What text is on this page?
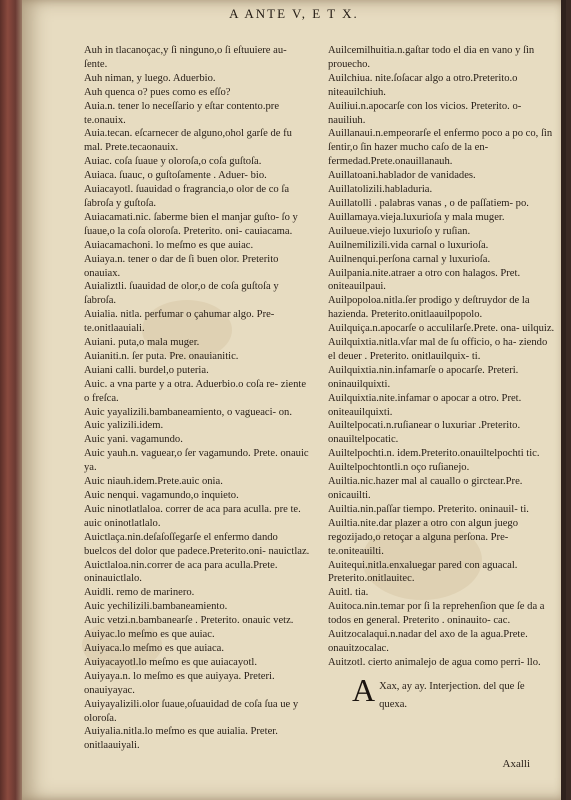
A ANTE V, E T X.

Auh in tlacanoçac,y ſi ninguno,o ſi eſtuuiere au- ſente.

Auh niman, y luego. Aduerbio.

Auh quenca o? pues como es eſſo?

Auia.n. tener lo neceſſario y eſtar contento.pre te.onauix.

Auia.tecan. eſcarnecer de alguno,ohol garſe de fu mal. Prete.tecaonauix.

Auiac. coſa ſuaue y oloroſa,o coſa guſtoſa.

Auiaca. ſuauc, o guſtoſamente . Aduer- bio.

Auiacayotl. ſuauidad o fragrancia,o olor de co ſa ſabroſa y guſtoſa.

Auiacamati.nic. ſaberme bien el manjar guſto- ſo y ſuaue,o la coſa oloroſa. Preterito. oni- cauiacama.

Auiacamachoni. lo meſmo es que auiac.

Auiaya.n. tener o dar de ſi buen olor. Preterito onauiax.

Auializtli. ſuauidad de olor,o de coſa guſtoſa y ſabroſa.

Auialia. nitla. perfumar o çahumar algo. Pre- te.onitlaauiali.

Auiani. puta,o mala muger.

Auianiti.n. ſer puta. Pre. onauianitic.

Auiani calli. burdel,o puteria.

Auic. a vna parte y a otra. Aduerbio.o coſa re- ziente o freſca.

Auic yayalizili.bambaneamiento, o vagueaci- on.

Auic yalizili.idem.

Auic yani. vagamundo.

Auic yauh.n. vaguear,o ſer vagamundo. Prete. onauic ya.

Auic niauh.idem.Prete.auic onia.

Auic nenqui. vagamundo,o inquieto.

Auic ninotlatlaloa. correr de aca para aculla. pre te. auic oninotlatlalo.

Auictlaça.nin.deſaſoſſegarſe el enfermo dando buelcos del dolor que padece.Preterito.oni- nauictlaz.

Auictlaloa.nin.correr de aca para aculla.Prete. oninauictlalo.

Auidli. remo de marinero.

Auic yechilizili.bambaneamiento.

Auic vetzi.n.bambanearſe . Preterito. onauic vetz.

Auiyac.lo meſmo es que auiac.

Auiyaca.lo meſmo es que auiaca.

Auiyacayotl.lo meſmo es que auiacayotl.

Auiyaya.n. lo meſmo es que auiyaya. Preteri. onauiyayac.

Auiyayalizili.olor ſuaue,oſuauidad de coſa ſua ue y oloroſa.

Auiyalia.nitla.lo meſmo es que auialia. Preter. onitlaauiyali.

Auilcemilhuitia.n.gaſtar todo el dia en vano y ſin prouecho.

Auilchiua. nite.ſoſacar algo a otro.Preterito.o niteauilchiuh.

Auiliui.n.apocarſe con los vicios. Preterito. o- nauiliuh.

Auillanaui.n.empeorarſe el enfermo poco a po co, ſin ſentir,o ſin hazer mucho caſo de la en- fermedad.Prete.onauillanauh.

Auillatoani.hablador de vanidades.

Auillatolizili.habladuria.

Auillatolli . palabras vanas , o de paſſatiem- po.

Auillamaya.vieja.luxurioſa y mala muger.

Auilueue.viejo luxurioſo y ruſian.

Auilnemilizili.vida carnal o luxurioſa.

Auilnenqui.perſona carnal y luxurioſa.

Auilpania.nite.atraer a otro con halagos. Pret. oniteauilpaui.

Auilpopoloa.nitla.ſer prodigo y deſtruydor de la hazienda. Preterito.onitlaauilpopolo.

Auilquiça.n.apocarſe o acculilarſe.Prete. ona- uilquiz.

Auilquixtia.nitla.vſar mal de ſu officio, o ha- ziendo el deuer . Preterito. onitlauilquix- ti.

Auilquixtia.nin.infamarſe o apocarſe. Preteri. oninauilquixti.

Auilquixtia.nite.infamar o apocar a otro. Pret. oniteauilquixti.

Auiltelpocati.n.ruſianear o luxuriar .Preterito. onauiltelpocatic.

Auiltelpochti.n. idem.Preterito.onauiltelpochti tic.

Auiltelpochtontli.n oço ruſianejo.

Auiltia.nic.hazer mal al cauallo o girctear.Pre. onicauilti.

Auiltia.nin.paſſar tiempo. Preterito. oninauil- ti.

Auiltia.nite.dar plazer a otro con algun juego regozijado,o retoçar a alguna perſona. Pre- te.oniteauilti.

Auitequi.nitla.enxaluegar pared con aguacal. Preterito.onitlauitec.

Auitl. tia.

Auitoca.nin.temar por ſi la reprehenſion que ſe da a todos en general. Preterito . oninauito- cac.

Auitzocalaqui.n.nadar del axo de la agua.Prete. onauitzocalac.

Auitzotl. cierto animalejo de agua como perri- llo.

A Xax, ay ay. Interjection. del que ſe quexa.
Axalli
